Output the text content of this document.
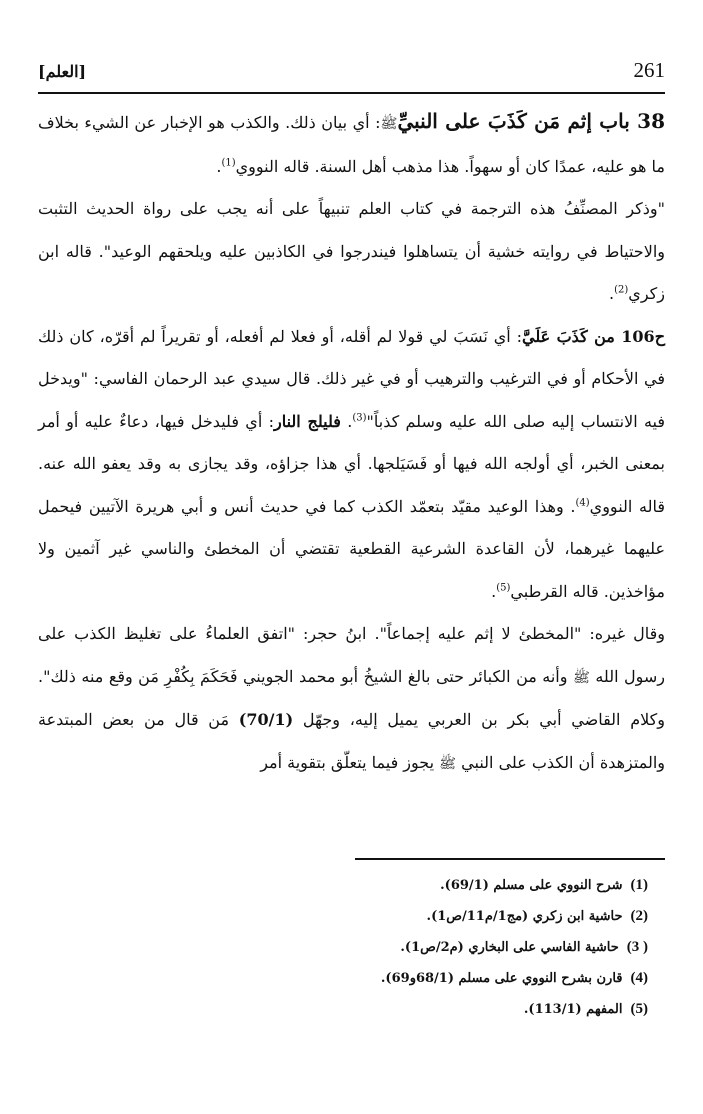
261
[العلم]

38 باب إثم مَن كَذَبَ على النبيِّﷺ: أي بيان ذلك. والكذب هو الإخبار عن الشيء بخلاف ما هو عليه، عمدًا كان أو سهواً. هذا مذهب أهل السنة. قاله النووي$^{(1)}$.

"وذكر المصنِّفُ هذه الترجمة في كتاب العلم تنبيهاً على أنه يجب على رواة الحديث التثبت والاحتياط في روايته خشية أن يتساهلوا فيندرجوا في الكاذبين عليه ويلحقهم الوعيد". قاله ابن زكري$^{(2)}$.

ح106 من كَذَبَ عَلَيَّ: أي نَسَبَ لي قولا لم أقله، أو فعلا لم أفعله، أو تقريراً لم أقرّه، كان ذلك في الأحكام أو في الترغيب والترهيب أو في غير ذلك. قال سيدي عبد الرحمان الفاسي: "ويدخل فيه الانتساب إليه صلى الله عليه وسلم كذباً"$^{(3)}$. فليلج النار: أي فليدخل فيها، دعاءٌ عليه أو أمر بمعنى الخبر، أي أولجه الله فيها أو فَسَيَلجها. أي هذا جزاؤه، وقد يجازى به وقد يعفو الله عنه. قاله النووي$^{(4)}$. وهذا الوعيد مقيّد بتعمّد الكذب كما في حديث أنس و أبي هريرة الآتيين فيحمل عليهما غيرهما، لأن القاعدة الشرعية القطعية تقتضي أن المخطئ والناسي غير آثمين ولا مؤاخذين. قاله القرطبي$^{(5)}$.

وقال غيره: "المخطئ لا إثم عليه إجماعاً". ابنُ حجر: "اتفق العلماءُ على تغليظ الكذب على رسول الله ﷺ وأنه من الكبائر حتى بالغ الشيخُ أبو محمد الجويني فَحَكَمَ بِكُفْرِ مَن وقع منه ذلك". وكلام القاضي أبي بكر بن العربي يميل إليه، وجهّل (70/1) مَن قال من بعض المبتدعة والمتزهدة أن الكذب على النبي ﷺ يجوز فيما يتعلّق بتقوية أمر

(1)شرح النووي على مسلم (69/1).
(2)حاشية ابن زكري (مج1/م11/ص1).
( 3)حاشية الفاسي على البخاري (م2/ص1).
(4)قارن بشرح النووي على مسلم (68/1و69).
(5)المفهم (113/1).
